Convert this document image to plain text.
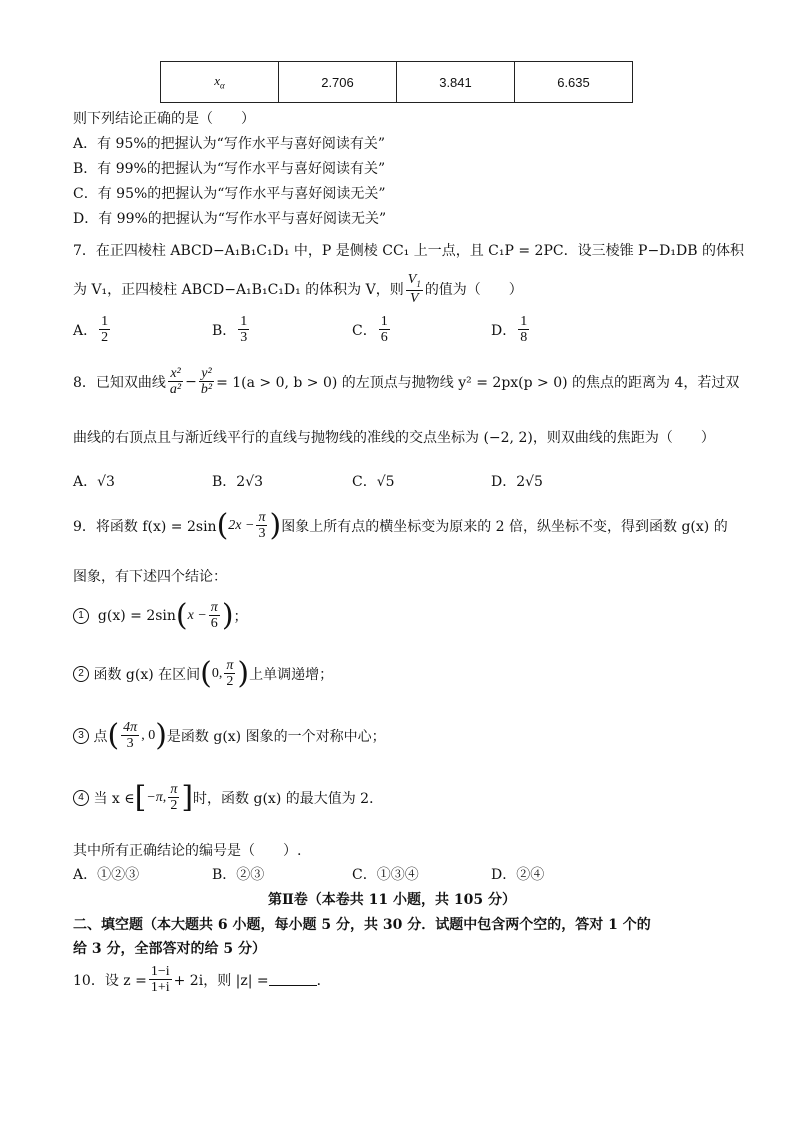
$x_\alpha$	2.706	3.841	6.635
则下列结论正确的是（　　）
A．有 95%的把握认为“写作水平与喜好阅读有关”
B．有 99%的把握认为“写作水平与喜好阅读有关”
C．有 95%的把握认为“写作水平与喜好阅读无关”
D．有 99%的把握认为“写作水平与喜好阅读无关”
7．在正四棱柱 ABCD−A₁B₁C₁D₁ 中，P 是侧棱 CC₁ 上一点，且 C₁P = 2PC．设三棱锥 P−D₁DB 的体积
为 V₁，正四棱柱 ABCD−A₁B₁C₁D₁ 的体积为 V，则 $\frac{V_1}{V}$ 的值为（　　）
A． $\frac{1}{2}$	B． $\frac{1}{3}$	C． $\frac{1}{6}$	D． $\frac{1}{8}$
8．已知双曲线 $\frac{\text{x²}}{\text{a²}} - \frac{\text{y²}}{\text{b²}} = 1(a > 0$, b > 0) 的左顶点与抛物线 y² = 2px(p > 0) 的焦点的距离为 4，若过双
曲线的右顶点且与渐近线平行的直线与抛物线的准线的交点坐标为 (−2, 2)，则双曲线的焦距为（　　）
A．√3	B．2√3	C．√5	D．2√5
9．将函数 f(x) = 2sin ( $2x - \frac{\pi}{3}$ ) 图象上所有点的横坐标变为原来的 2 倍，纵坐标不变，得到函数 g(x) 的
图象，有下述四个结论：
1
	g(x) = 2sin ( $x - \frac{\pi}{6}$ ) ；
2
函数 g(x) 在区间 ( 0, $\frac{\pi}{2}$ ) 上单调递增；
3
点 ( $\frac{4\pi}{3}$ , 0 ) 是函数 g(x) 图象的一个对称中心；
4
当 x ∈ [ −π, $\frac{\pi}{2}$ ] 时，函数 g(x) 的最大值为 2．
其中所有正确结论的编号是（　　）.
A．①②③	B．②③	C．①③④	D．②④
第Ⅱ卷（本卷共 11 小题，共 105 分）
二、填空题（本大题共 6 小题，每小题 5 分，共 30 分．试题中包含两个空的，答对 1 个的
给 3 分，全部答对的给 5 分）
10．设 $z = \frac{1-i}{1+i} + 2i$，则 |z| =	．
